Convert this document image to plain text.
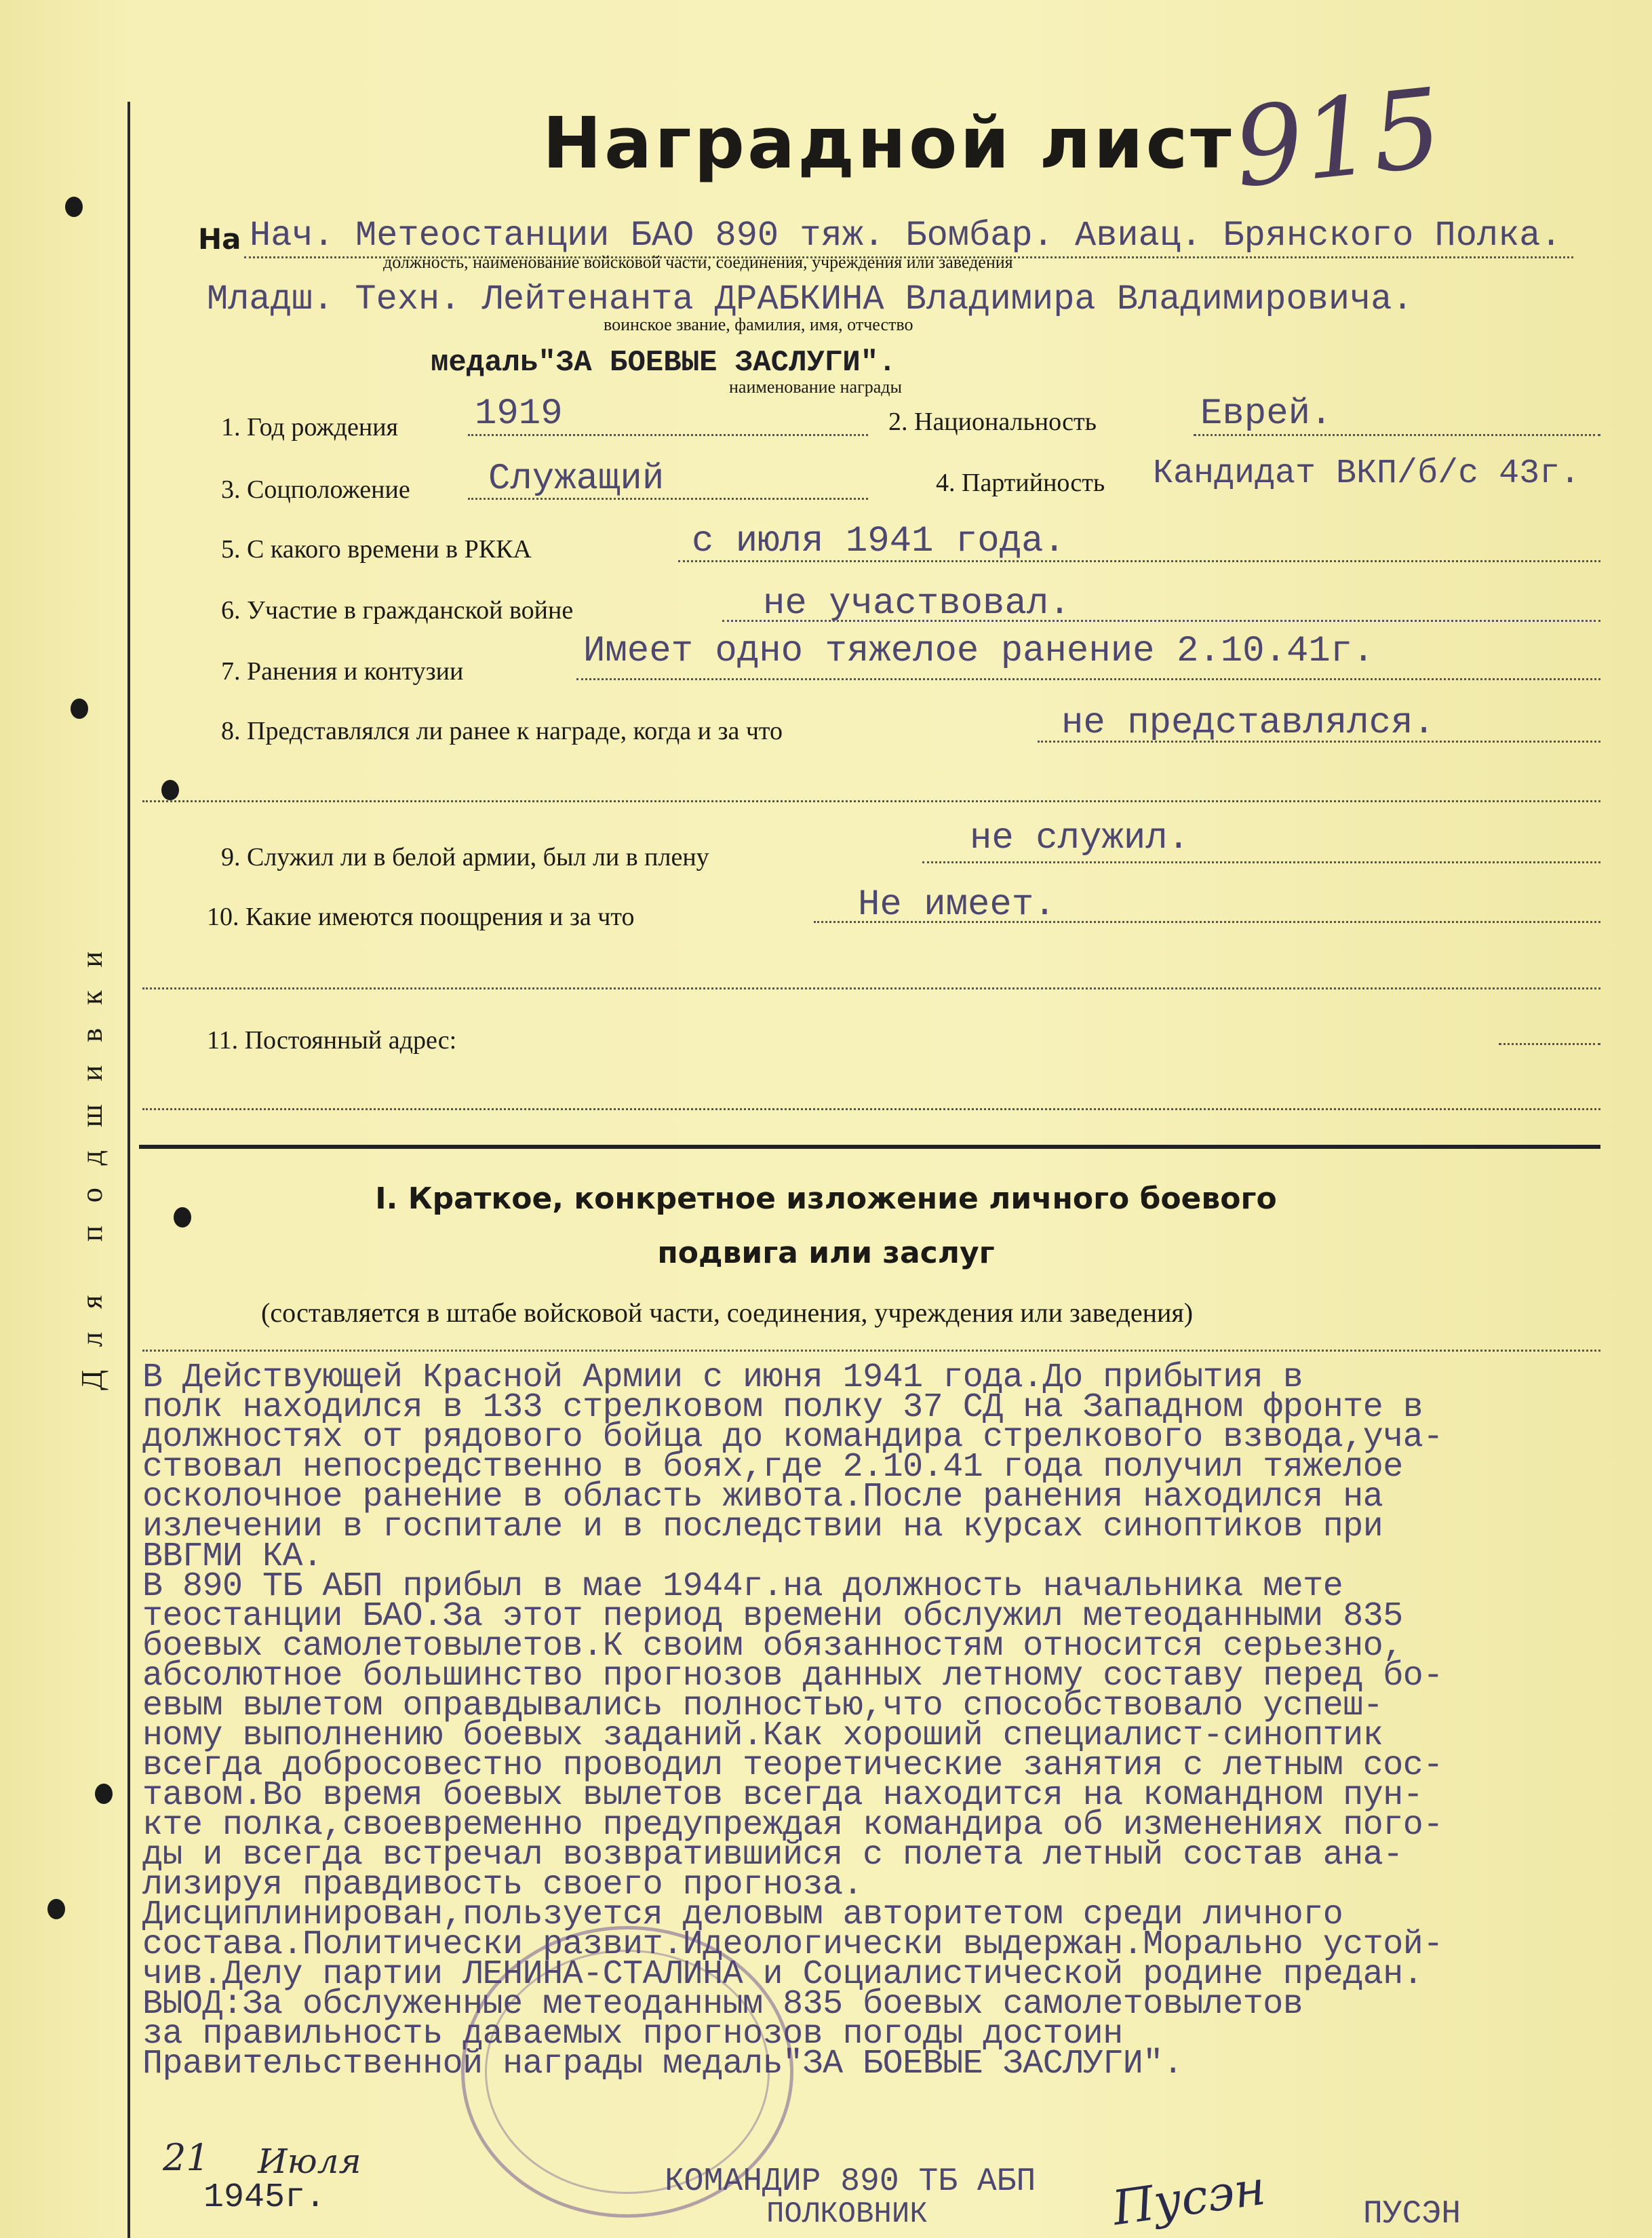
Для подшивки
Наградной лист
915
На Нач. Метеостанции БАО 890 тяж. Бомбар. Авиац. Брянского Полка.
должность, наименование войсковой части, соединения, учреждения или заведения
Младш. Техн. Лейтенанта ДРАБКИНА Владимира Владимировича.
воинское звание, фамилия, имя, отчество
медаль"ЗА БОЕВЫЕ ЗАСЛУГИ".
наименование награды
1. Год рождения 1919	2. Национальность	Еврей.
3. Соцположение Служащий	4. Партийность Кандидат ВКП/б/с 43г.
5. С какого времени в РККА	с июля 1941 года.
6. Участие в гражданской войне	не участвовал.
7. Ранения и контузии	Имеет одно тяжелое ранение 2.10.41г.
8. Представлялся ли ранее к награде, когда и за что	не представлялся.
9. Служил ли в белой армии, был ли в плену	не служил.
10. Какие имеются поощрения и за что	Не имеет.
11. Постоянный адрес:
I. Краткое, конкретное изложение личного боевого
подвига или заслуг
(составляется в штабе войсковой части, соединения, учреждения или заведения)
В Действующей Красной Армии с июня 1941 года.До прибытия в
полк находился в 133 стрелковом полку 37 СД на Западном фронте в
должностях от рядового бойца до командира стрелкового взвода,уча-
ствовал непосредственно в боях,где 2.10.41 года получил тяжелое
осколочное ранение в область живота.После ранения находился на
излечении в госпитале и в последствии на курсах синоптиков при
ВВГМИ КА.
В 890 ТБ АБП прибыл в мае 1944г.на должность начальника мете
теостанции БАО.За этот период времени обслужил метеоданными 835
боевых самолетовылетов.К своим обязанностям относится серьезно,
абсолютное большинство прогнозов данных летному составу перед бо-
евым вылетом оправдывались полностью,что способствовало успеш-
ному выполнению боевых заданий.Как хороший специалист-синоптик
всегда добросовестно проводил теоретические занятия с летным сос-
тавом.Во время боевых вылетов всегда находится на командном пун-
кте полка,своевременно предупреждая командира об изменениях пого-
ды и всегда встречал возвратившийся с полета летный состав ана-
лизируя правдивость своего прогноза.
Дисциплинирован,пользуется деловым авторитетом среди личного
состава.Политически развит.Идеологически выдержан.Морально устой-
чив.Делу партии ЛЕНИНА-СТАЛИНА и Социалистической родине предан.
ВЫОД:За обслуженные метеоданным 835 боевых самолетовылетов
за правильность даваемых прогнозов погоды достоин
Правительственной награды медаль"ЗА БОЕВЫЕ ЗАСЛУГИ".
21 Июля
1945г.	КОМАНДИР 890 ТБ АБП
ПОЛКОВНИК	Пусэн	ПУСЭН
